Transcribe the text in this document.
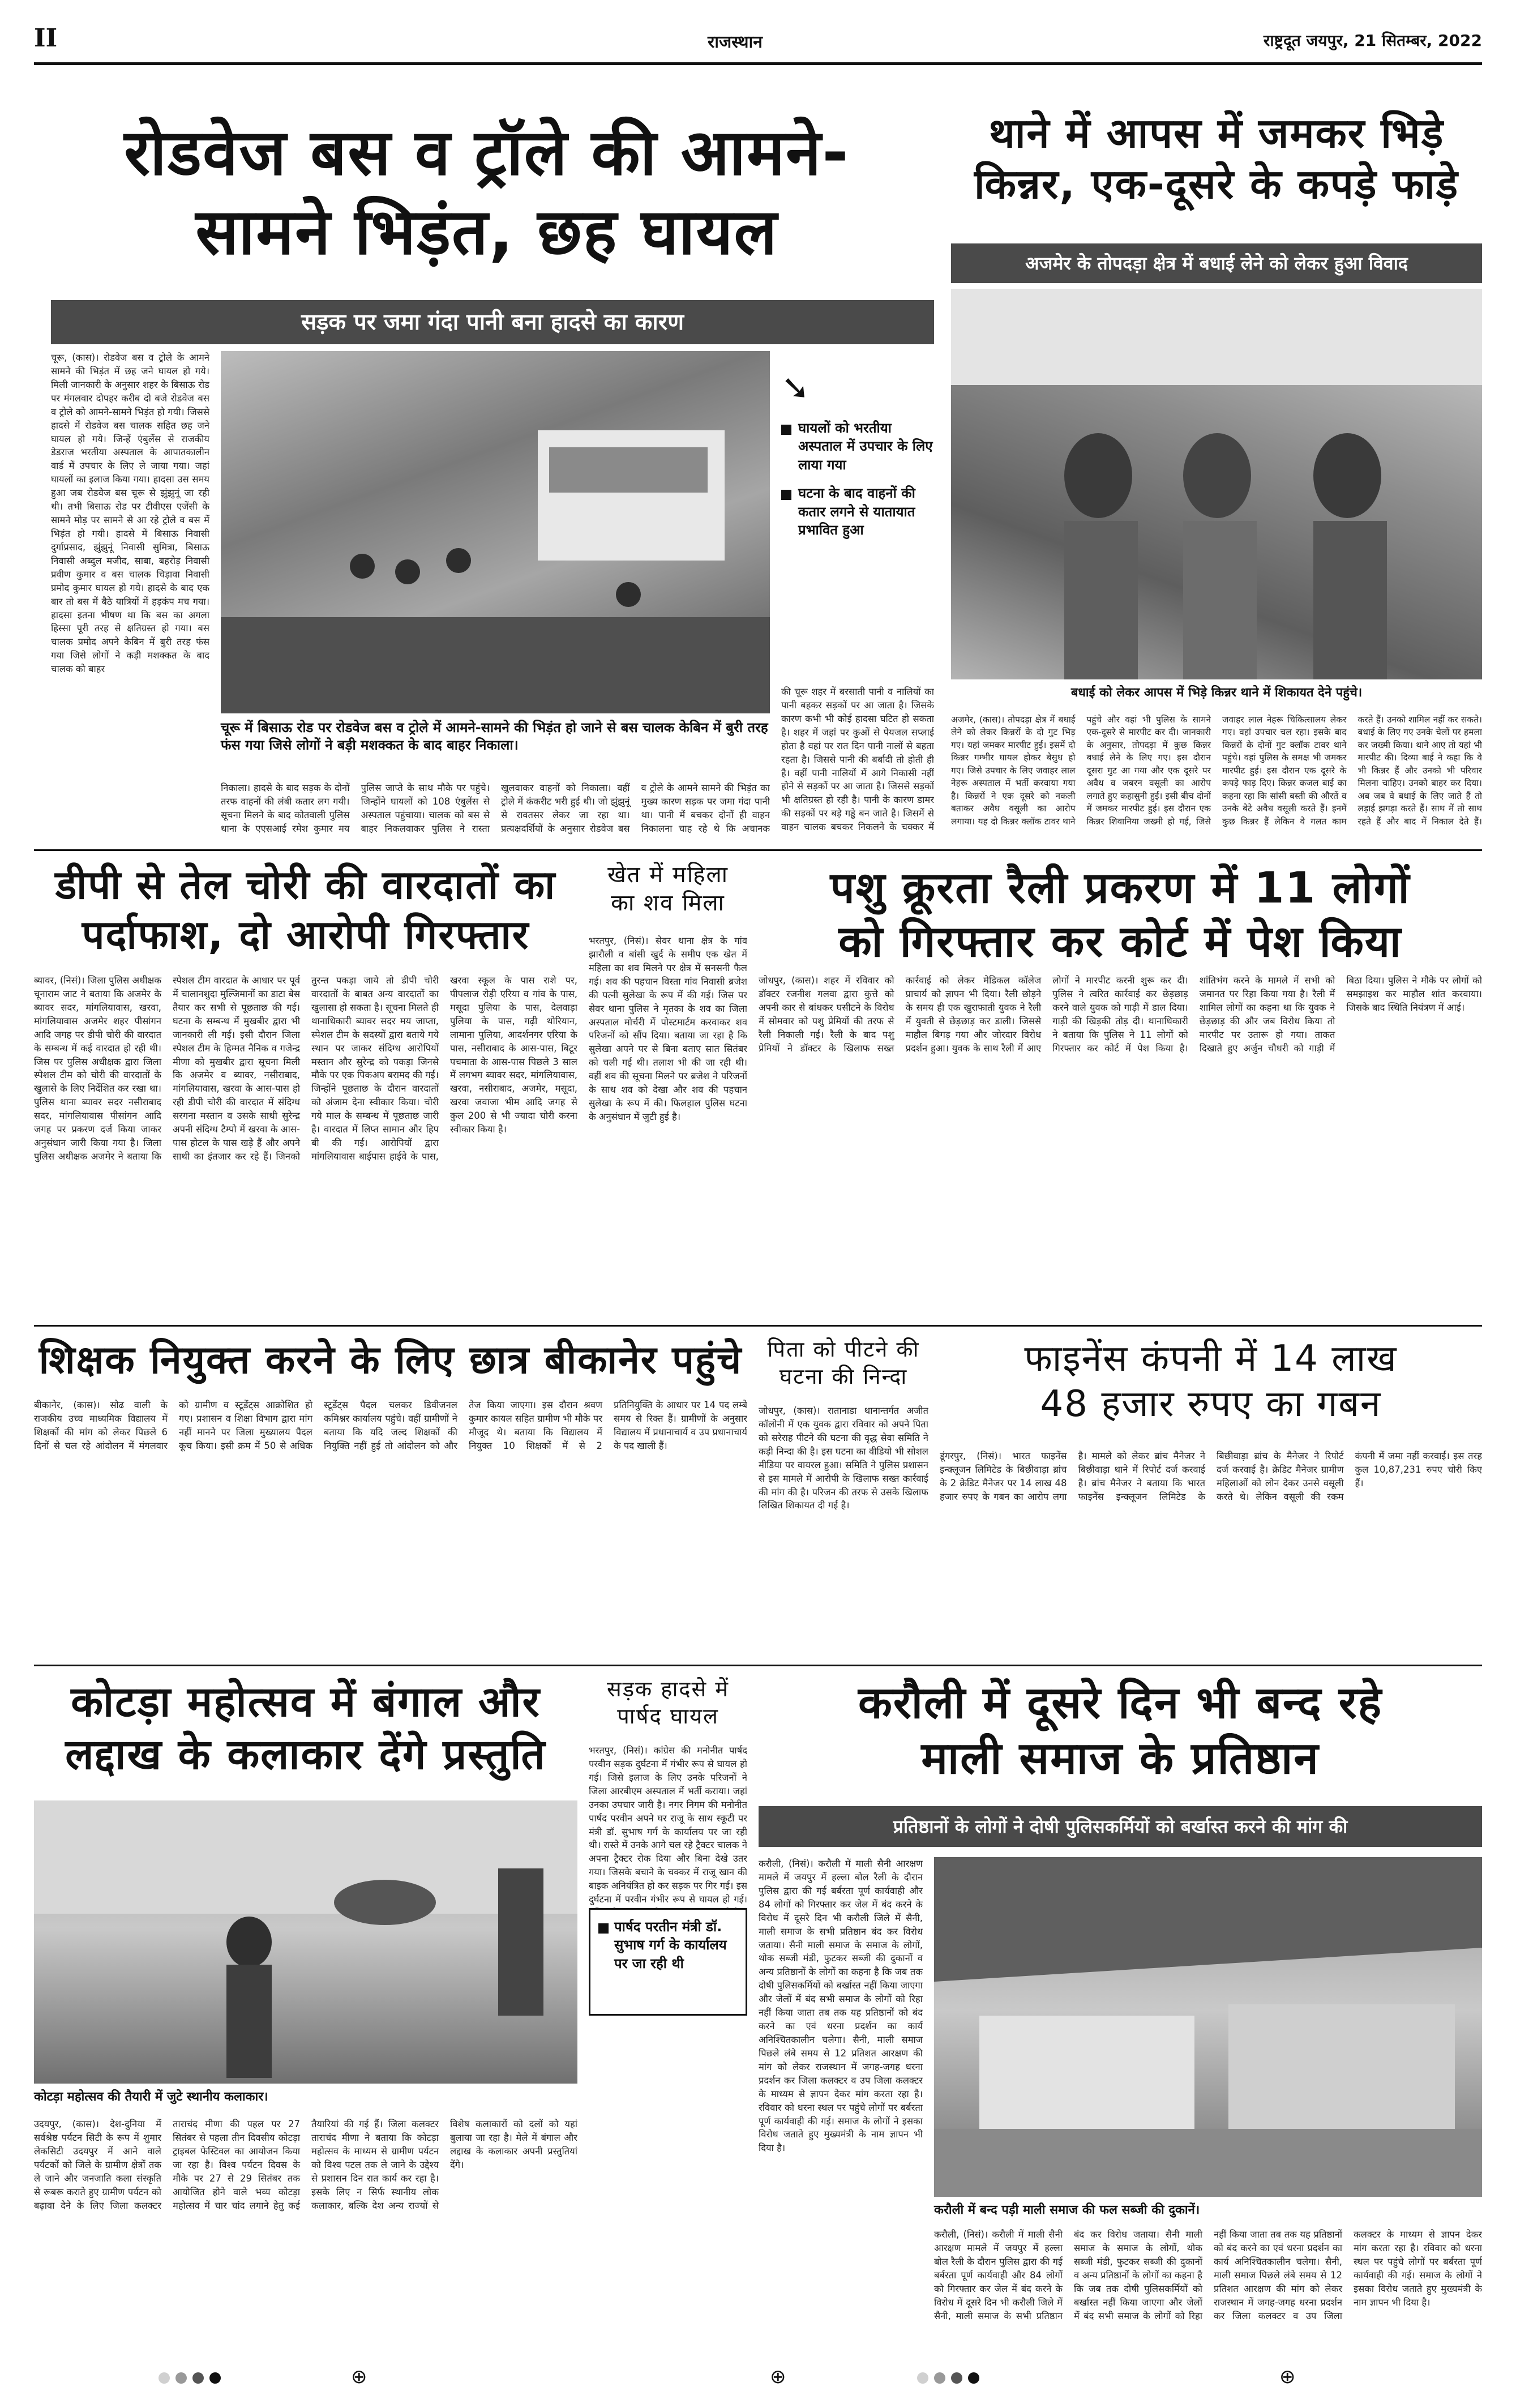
II	राजस्थान	राष्ट्रदूत जयपुर, 21 सितम्बर, 2022
रोडवेज बस व ट्रॉले की आमने-
सामने भिड़ंत, छह घायल
सड़क पर जमा गंदा पानी बना हादसे का कारण
चूरू, (कास)। रोडवेज बस व ट्रोले के आमने सामने की भिड़ंत में छह जने घायल हो गये। मिली जानकारी के अनुसार शहर के बिसाऊ रोड पर मंगलवार दोपहर करीब दो बजे रोडवेज बस व ट्रोले को आमने-सामने भिड़ंत हो गयी। जिससे हादसे में रोडवेज बस चालक सहित छह जने घायल हो गये। जिन्हें एंबुलेंस से राजकीय डेडराज भरतीया अस्पताल के आपातकालीन वार्ड में उपचार के लिए ले जाया गया। जहां घायलों का इलाज किया गया। हादसा उस समय हुआ जब रोडवेज बस चूरू से झुंझुनूं जा रही थी। तभी बिसाऊ रोड पर टीवीएस एजेंसी के सामने मोड़ पर सामने से आ रहे ट्रोले व बस में भिड़ंत हो गयी। हादसे में बिसाऊ निवासी दुर्गाप्रसाद, झुंझुनूं निवासी सुमित्रा, बिसाऊ निवासी अब्दुल मजीद, साबा, बहरोड़ निवासी प्रवीण कुमार व बस चालक चिड़ावा निवासी प्रमोद कुमार घायल हो गये। हादसे के बाद एक बार तो बस में बैठे यात्रियों में हड़कंप मच गया। हादसा इतना भीषण था कि बस का अगला हिस्सा पूरी तरह से क्षतिग्रस्त हो गया। बस चालक प्रमोद अपने केबिन में बुरी तरह फंस गया जिसे लोगों ने कड़ी मशक्कत के बाद चालक को बाहर
चूरू में बिसाऊ रोड पर रोडवेज बस व ट्रोले में आमने-सामने की भिड़ंत हो जाने से बस चालक केबिन में बुरी तरह फंस गया जिसे लोगों ने बड़ी मशक्कत के बाद बाहर निकाला।
➘
घायलों को भरतीया अस्पताल में उपचार के लिए लाया गया
घटना के बाद वाहनों की कतार लगने से यातायात प्रभावित हुआ
की चूरू शहर में बरसाती पानी व नालियों का पानी बहकर सड़कों पर आ जाता है। जिसके कारण कभी भी कोई हादसा घटित हो सकता है। शहर में जहां पर कुओं से पेयजल सप्लाई होता है वहां पर रात दिन पानी नालों से बहता रहता है। जिससे पानी की बर्बादी तो होती ही है। वहीं पानी नालियों में आगे निकासी नहीं होने से सड़कों पर आ जाता है। जिससे सड़कों भी क्षतिग्रस्त हो रही है। पानी के कारण डामर की सड़कों पर बड़े गड्ढे बन जाते है। जिसमें से वाहन चालक बचकर निकलने के चक्कर में
निकाला। हादसे के बाद सड़क के दोनों तरफ वाहनों की लंबी कतार लग गयी। सूचना मिलने के बाद कोतवाली पुलिस थाना के एएसआई रमेश कुमार मय पुलिस जाप्ते के साथ मौके पर पहुंचे। जिन्होंने घायलों को 108 एंबुलेंस से अस्पताल पहुंचाया। चालक को बस से बाहर निकलवाकर पुलिस ने रास्ता खुलवाकर वाहनों को निकाला। वहीं ट्रोले में कंकरीट भरी हुई थी। जो झुंझुनूं से रावतसर लेकर जा रहा था। प्रत्यक्षदर्शियों के अनुसार रोडवेज बस व ट्रोले के आमने सामने की भिड़ंत का मुख्य कारण सड़क पर जमा गंदा पानी था। पानी में बचकर दोनों ही वाहन निकालना चाह रहे थे कि अचानक
थाने में आपस में जमकर भिड़े
किन्नर, एक-दूसरे के कपड़े फाड़े
अजमेर के तोपदड़ा क्षेत्र में बधाई लेने को लेकर हुआ विवाद
बधाई को लेकर आपस में भिड़े किन्नर थाने में शिकायत देने पहुंचे।
अजमेर, (कास)। तोपदड़ा क्षेत्र में बधाई लेने को लेकर किन्नरों के दो गुट भिड़ गए। यहां जमकर मारपीट हुई। इसमें दो किन्नर गम्भीर घायल होकर बेसुध हो गए। जिसे उपचार के लिए जवाहर लाल नेहरू अस्पताल में भर्ती करवाया गया है। किन्नरों ने एक दूसरे को नकली बताकर अवैध वसूली का आरोप लगाया। यह दो किन्नर क्लॉक टावर थाने पहुंचे और वहां भी पुलिस के सामने एक-दूसरे से मारपीट कर दी। जानकारी के अनुसार, तोपदड़ा में कुछ किन्नर बधाई लेने के लिए गए। इस दौरान दूसरा गुट आ गया और एक दूसरे पर अवैध व जबरन वसूली का आरोप लगाते हुए कहासुनी हुई। इसी बीच दोनों में जमकर मारपीट हुई। इस दौरान एक किन्नर शिवानिया जख्मी हो गई, जिसे जवाहर लाल नेहरू चिकित्सालय लेकर गए। वहां उपचार चल रहा। इसके बाद किन्नरों के दोनों गुट क्लॉक टावर थाने पहुंचे। वहां पुलिस के समक्ष भी जमकर मारपीट हुई। इस दौरान एक दूसरे के कपड़े फाड़ दिए। किन्नर कजल बाई का कहना रहा कि सांसी बस्ती की औरतें व उनके बेटे अवैध वसूली करते हैं। इनमें कुछ किन्नर हैं लेकिन वे गलत काम करते हैं। उनको शामिल नहीं कर सकते। बधाई के लिए गए उनके चेलों पर हमला कर जख्मी किया। थाने आए तो यहां भी मारपीट की। दिव्या बाई ने कहा कि वे भी किन्नर हैं और उनको भी परिवार मिलना चाहिए। उनको बाहर कर दिया। अब जब वे बधाई के लिए जाते हैं तो लड़ाई झगड़ा करते हैं। साथ में तो साथ रहते हैं और बाद में निकाल देते हैं।
डीपी से तेल चोरी की वारदातों का
पर्दाफाश, दो आरोपी गिरफ्तार
ब्यावर, (निसं)। जिला पुलिस अधीक्षक चूनाराम जाट ने बताया कि अजमेर के ब्यावर सदर, मांगलियावास, खरवा, मांगलियावास अजमेर शहर पीसांगन आदि जगह पर डीपी चोरी की वारदात के सम्बन्ध में कई वारदात हो रही थी। जिस पर पुलिस अधीक्षक द्वारा जिला स्पेशल टीम को चोरी की वारदातों के खुलासे के लिए निर्देशित कर रखा था। पुलिस थाना ब्यावर सदर नसीराबाद सदर, मांगलियावास पीसांगन आदि जगह पर प्रकरण दर्ज किया जाकर अनुसंधान जारी किया गया है। जिला पुलिस अधीक्षक अजमेर ने बताया कि स्पेशल टीम वारदात के आधार पर पूर्व में चालानशुदा मुल्जिमानों का डाटा बेस तैयार कर सभी से पूछताछ की गई। घटना के सम्बन्ध में मुखबीर द्वारा भी जानकारी ली गई। इसी दौरान जिला स्पेशल टीम के हिम्मत नैनिक व गजेन्द्र मीणा को मुखबीर द्वारा सूचना मिली कि अजमेर व ब्यावर, नसीराबाद, मांगलियावास, खरवा के आस-पास हो रही डीपी चोरी की वारदात में संदिग्ध सरगना मस्तान व उसके साथी सुरेन्द्र अपनी संदिग्ध टैम्पो में खरवा के आस-पास होटल के पास खड़े हैं और अपने साथी का इंतजार कर रहे हैं। जिनको तुरन्त पकड़ा जाये तो डीपी चोरी वारदातों के बाबत अन्य वारदातों का खुलासा हो सकता है। सूचना मिलते ही थानाधिकारी ब्यावर सदर मय जाप्ता, स्पेशल टीम के सदस्यों द्वारा बताये गये स्थान पर जाकर संदिग्ध आरोपियों मस्तान और सुरेन्द्र को पकड़ा जिनसे मौके पर एक पिकअप बरामद की गई। जिन्होंने पूछताछ के दौरान वारदातों को अंजाम देना स्वीकार किया। चोरी गये माल के सम्बन्ध में पूछताछ जारी है। वारदात में लिप्त सामान और हिप बी की गई। आरोपियों द्वारा मांगलियावास बाईपास हाईवे के पास, खरवा स्कूल के पास राशे पर, पीपलाज रोड़ी एरिया व गांव के पास, मसूदा पुलिया के पास, देलवाड़ा पुलिया के पास, गढ़ी थोरियान, लामाना पुलिया, आदर्शनगर एरिया के पास, नसीराबाद के आस-पास, बिटूर पचमाता के आस-पास पिछले 3 साल में लगभग ब्यावर सदर, मांगलियावास, खरवा, नसीराबाद, अजमेर, मसूदा, खरवा जवाजा भीम आदि जगह से कुल 200 से भी ज्यादा चोरी करना स्वीकार किया है।
खेत में महिला
का शव मिला
भरतपुर, (निसं)। सेवर थाना क्षेत्र के गांव झारौली व बांसी खुर्द के समीप एक खेत में महिला का शव मिलने पर क्षेत्र में सनसनी फैल गई। शव की पहचान विस्ता गांव निवासी ब्रजेश की पत्नी सुलेखा के रूप में की गई। जिस पर सेवर थाना पुलिस ने मृतका के शव का जिला अस्पताल मोर्चरी में पोस्टमार्टम करवाकर शव परिजनों को सौंप दिया। बताया जा रहा है कि सुलेखा अपने पर से बिना बताए सात सितंबर को चली गई थी। तलाश भी की जा रही थी। वहीं शव की सूचना मिलने पर ब्रजेश ने परिजनों के साथ शव को देखा और शव की पहचान सुलेखा के रूप में की। फिलहाल पुलिस घटना के अनुसंधान में जुटी हुई है।
पशु क्रूरता रैली प्रकरण में 11 लोगों
को गिरफ्तार कर कोर्ट में पेश किया
जोधपुर, (कास)। शहर में रविवार को डॉक्टर रजनीश गलवा द्वारा कुत्ते को अपनी कार से बांधकर घसीटने के विरोध में सोमवार को पशु प्रेमियों की तरफ से रैली निकाली गई। रैली के बाद पशु प्रेमियों ने डॉक्टर के खिलाफ सख्त कार्रवाई को लेकर मेडिकल कॉलेज प्राचार्य को ज्ञापन भी दिया। रैली छोड़ने के समय ही एक खुराफाती युवक ने रैली में युवती से छेड़छाड़ कर डाली। जिससे माहौल बिगड़ गया और जोरदार विरोध प्रदर्शन हुआ। युवक के साथ रैली में आए लोगों ने मारपीट करनी शुरू कर दी। पुलिस ने त्वरित कार्रवाई कर छेड़छाड़ करने वाले युवक को गाड़ी में डाल दिया। गाड़ी की खिड़की तोड़ दी। थानाधिकारी ने बताया कि पुलिस ने 11 लोगों को गिरफ्तार कर कोर्ट में पेश किया है। शांतिभंग करने के मामले में सभी को जमानत पर रिहा किया गया है। रैली में शामिल लोगों का कहना था कि युवक ने छेड़छाड़ की और जब विरोध किया तो मारपीट पर उतारू हो गया। ताकत दिखाते हुए अर्जुन चौधरी को गाड़ी में बिठा दिया। पुलिस ने मौके पर लोगों को समझाइश कर माहौल शांत करवाया। जिसके बाद स्थिति नियंत्रण में आई।
शिक्षक नियुक्त करने के लिए छात्र बीकानेर पहुंचे
बीकानेर, (कास)। सोढ वाली के राजकीय उच्च माध्यमिक विद्यालय में शिक्षकों की मांग को लेकर पिछले 6 दिनों से चल रहे आंदोलन में मंगलवार को ग्रामीण व स्टूडेंट्स आक्रोशित हो गए। प्रशासन व शिक्षा विभाग द्वारा मांग नहीं मानने पर जिला मुख्यालय पैदल कूच किया। इसी क्रम में 50 से अधिक स्टूडेंट्स पैदल चलकर डिवीजनल कमिश्नर कार्यालय पहुंचे। वहीं ग्रामीणों ने बताया कि यदि जल्द शिक्षकों की नियुक्ति नहीं हुई तो आंदोलन को और तेज किया जाएगा। इस दौरान श्रवण कुमार कायल सहित ग्रामीण भी मौके पर मौजूद थे। बताया कि विद्यालय में नियुक्त 10 शिक्षकों में से 2 प्रतिनियुक्ति के आधार पर 14 पद लम्बे समय से रिक्त हैं। ग्रामीणों के अनुसार विद्यालय में प्रधानाचार्य व उप प्रधानाचार्य के पद खाली हैं।
पिता को पीटने की
घटना की निन्दा
जोधपुर, (कास)। रातानाडा थानान्तर्गत अजीत कॉलोनी में एक युवक द्वारा रविवार को अपने पिता को सरेराह पीटने की घटना की वृद्ध सेवा समिति ने कड़ी निन्दा की है। इस घटना का वीडियो भी सोशल मीडिया पर वायरल हुआ। समिति ने पुलिस प्रशासन से इस मामले में आरोपी के खिलाफ सख्त कार्रवाई की मांग की है। परिजन की तरफ से उसके खिलाफ लिखित शिकायत दी गई है।
फाइनेंस कंपनी में 14 लाख
48 हजार रुपए का गबन
डूंगरपुर, (निसं)। भारत फाइनेंस इन्क्लूजन लिमिटेड के बिछीवाड़ा ब्रांच के 2 क्रेडिट मैनेजर पर 14 लाख 48 हजार रुपए के गबन का आरोप लगा है। मामले को लेकर ब्रांच मैनेजर ने बिछीवाड़ा थाने में रिपोर्ट दर्ज करवाई है। ब्रांच मैनेजर ने बताया कि भारत फाइनेंस इन्क्लूजन लिमिटेड के बिछीवाड़ा ब्रांच के मैनेजर ने रिपोर्ट दर्ज करवाई है। क्रेडिट मैनेजर ग्रामीण महिलाओं को लोन देकर उनसे वसूली करते थे। लेकिन वसूली की रकम कंपनी में जमा नहीं करवाई। इस तरह कुल 10,87,231 रुपए चोरी किए हैं।
कोटड़ा महोत्सव में बंगाल और
लद्दाख के कलाकार देंगे प्रस्तुति
कोटड़ा महोत्सव की तैयारी में जुटे स्थानीय कलाकार।
उदयपुर, (कास)। देश-दुनिया में सर्वश्रेष्ठ पर्यटन सिटी के रूप में शुमार लेकसिटी उदयपुर में आने वाले पर्यटकों को जिले के ग्रामीण क्षेत्रों तक ले जाने और जनजाति कला संस्कृति से रूबरू कराते हुए ग्रामीण पर्यटन को बढ़ावा देने के लिए जिला कलक्टर ताराचंद मीणा की पहल पर 27 सितंबर से पहला तीन दिवसीय कोटड़ा ट्राइबल फेस्टिवल का आयोजन किया जा रहा है। विश्व पर्यटन दिवस के मौके पर 27 से 29 सितंबर तक आयोजित होने वाले भव्य कोटड़ा महोत्सव में चार चांद लगाने हेतु कई तैयारियां की गई हैं। जिला कलक्टर ताराचंद मीणा ने बताया कि कोटड़ा महोत्सव के माध्यम से ग्रामीण पर्यटन को विश्व पटल तक ले जाने के उद्देश्य से प्रशासन दिन रात कार्य कर रहा है। इसके लिए न सिर्फ स्थानीय लोक कलाकार, बल्कि देश अन्य राज्यों से विशेष कलाकारों को दलों को यहां बुलाया जा रहा है। मेले में बंगाल और लद्दाख के कलाकार अपनी प्रस्तुतियां देंगे।
सड़क हादसे में
पार्षद घायल
भरतपुर, (निसं)। कांग्रेस की मनोनीत पार्षद परवीन सड़क दुर्घटना में गंभीर रूप से घायल हो गई। जिसे इलाज के लिए उनके परिजनों ने जिला आरबीएम अस्पताल में भर्ती कराया। जहां उनका उपचार जारी है। नगर निगम की मनोनीत पार्षद परवीन अपने घर राजू के साथ स्कूटी पर मंत्री डॉ. सुभाष गर्ग के कार्यालय पर जा रही थी। रास्ते में उनके आगे चल रहे ट्रैक्टर चालक ने अपना ट्रैक्टर रोक दिया और बिना देखे उतर गया। जिसके बचाने के चक्कर में राजू खान की बाइक अनियंत्रित हो कर सड़क पर गिर गई। इस दुर्घटना में परवीन गंभीर रूप से घायल हो गई।
पार्षद परतीन मंत्री डॉ. सुभाष गर्ग के कार्यालय पर जा रही थी
करौली में दूसरे दिन भी बन्द रहे
माली समाज के प्रतिष्ठान
प्रतिष्ठानों के लोगों ने दोषी पुलिसकर्मियों को बर्खास्त करने की मांग की
करौली, (निसं)। करौली में माली सैनी आरक्षण मामले में जयपुर में हल्ला बोल रैली के दौरान पुलिस द्वारा की गई बर्बरता पूर्ण कार्यवाही और 84 लोगों को गिरफ्तार कर जेल में बंद करने के विरोध में दूसरे दिन भी करौली जिले में सैनी, माली समाज के सभी प्रतिष्ठान बंद कर विरोध जताया। सैनी माली समाज के समाज के लोगों, थोक सब्जी मंडी, फुटकर सब्जी की दुकानों व अन्य प्रतिष्ठानों के लोगों का कहना है कि जब तक दोषी पुलिसकर्मियों को बर्खास्त नहीं किया जाएगा और जेलों में बंद सभी समाज के लोगों को रिहा नहीं किया जाता तब तक यह प्रतिष्ठानों को बंद करने का एवं धरना प्रदर्शन का कार्य अनिश्चितकालीन चलेगा। सैनी, माली समाज पिछले लंबे समय से 12 प्रतिशत आरक्षण की मांग को लेकर राजस्थान में जगह-जगह धरना प्रदर्शन कर जिला कलक्टर व उप जिला कलक्टर के माध्यम से ज्ञापन देकर मांग करता रहा है। रविवार को धरना स्थल पर पहुंचे लोगों पर बर्बरता पूर्ण कार्यवाही की गई। समाज के लोगों ने इसका विरोध जताते हुए मुख्यमंत्री के नाम ज्ञापन भी दिया है।
करौली में बन्द पड़ी माली समाज की फल सब्जी की दुकानें।
करौली, (निसं)। करौली में माली सैनी आरक्षण मामले में जयपुर में हल्ला बोल रैली के दौरान पुलिस द्वारा की गई बर्बरता पूर्ण कार्यवाही और 84 लोगों को गिरफ्तार कर जेल में बंद करने के विरोध में दूसरे दिन भी करौली जिले में सैनी, माली समाज के सभी प्रतिष्ठान बंद कर विरोध जताया। सैनी माली समाज के समाज के लोगों, थोक सब्जी मंडी, फुटकर सब्जी की दुकानों व अन्य प्रतिष्ठानों के लोगों का कहना है कि जब तक दोषी पुलिसकर्मियों को बर्खास्त नहीं किया जाएगा और जेलों में बंद सभी समाज के लोगों को रिहा नहीं किया जाता तब तक यह प्रतिष्ठानों को बंद करने का एवं धरना प्रदर्शन का कार्य अनिश्चितकालीन चलेगा। सैनी, माली समाज पिछले लंबे समय से 12 प्रतिशत आरक्षण की मांग को लेकर राजस्थान में जगह-जगह धरना प्रदर्शन कर जिला कलक्टर व उप जिला कलक्टर के माध्यम से ज्ञापन देकर मांग करता रहा है। रविवार को धरना स्थल पर पहुंचे लोगों पर बर्बरता पूर्ण कार्यवाही की गई। समाज के लोगों ने इसका विरोध जताते हुए मुख्यमंत्री के नाम ज्ञापन भी दिया है।
⊕	⊕	⊕
